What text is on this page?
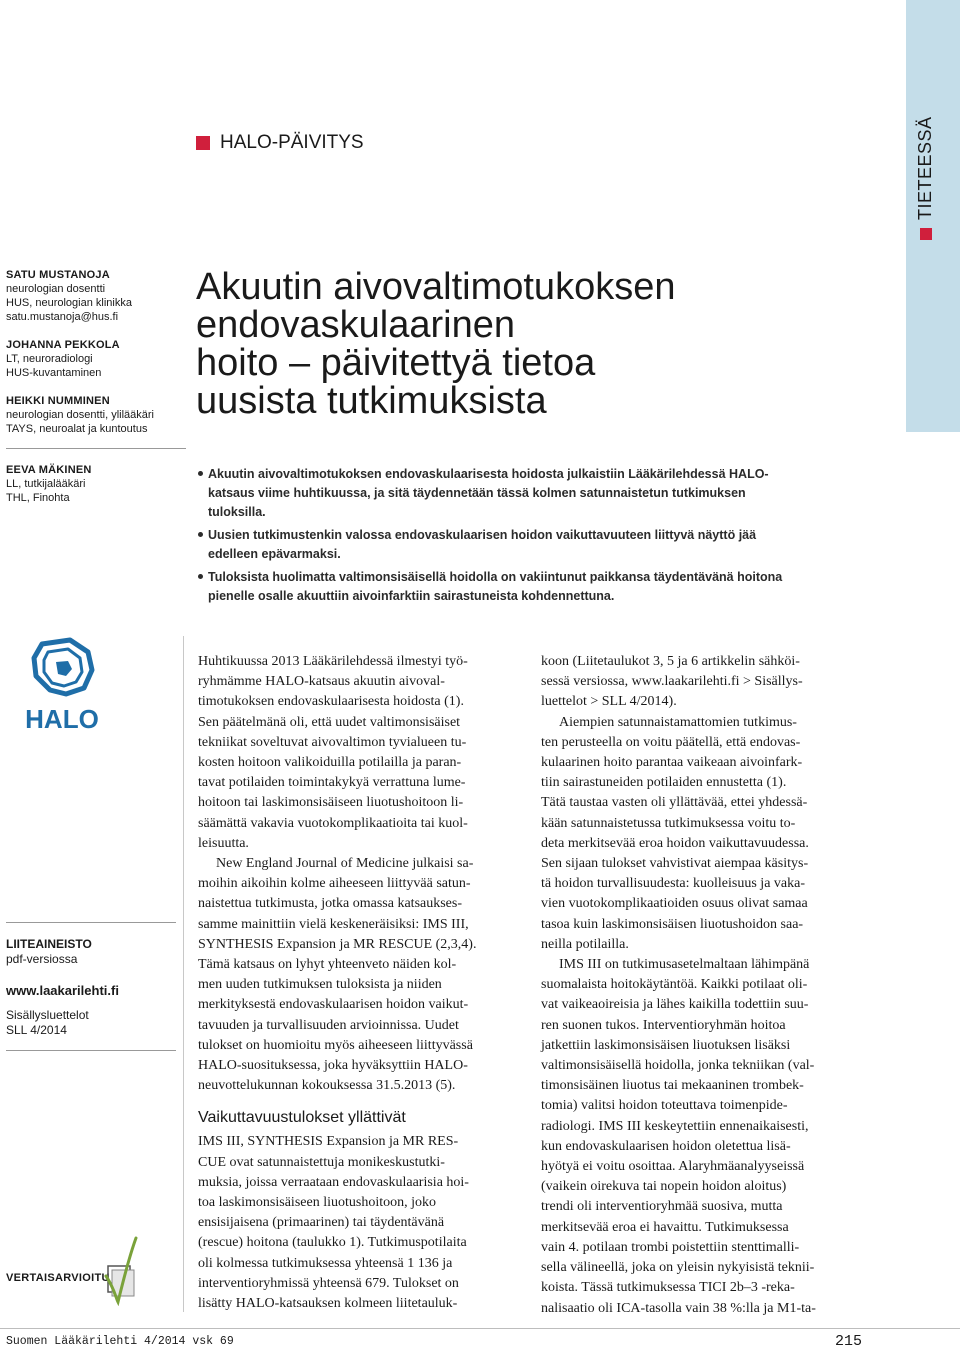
TIETEESSÄ
HALO-PÄIVITYS
SATU MUSTANOJA
neurologian dosentti
HUS, neurologian klinikka
satu.mustanoja@hus.fi
JOHANNA PEKKOLA
LT, neuroradiologi
HUS-kuvantaminen
HEIKKI NUMMINEN
neurologian dosentti, ylilääkäri
TAYS, neuroalat ja kuntoutus
EEVA MÄKINEN
LL, tutkijalääkäri
THL, Finohta
Akuutin aivovaltimotukoksen
endovaskulaarinen
hoito – päivitettyä tietoa
uusista tutkimuksista
Akuutin aivovaltimotukoksen endovaskulaarisesta hoidosta julkaistiin Lääkärilehdessä HALO-
katsaus viime huhtikuussa, ja sitä täydennetään tässä kolmen satunnaistetun tutkimuksen
tuloksilla.
Uusien tutkimustenkin valossa endovaskulaarisen hoidon vaikuttavuuteen liittyvä näyttö jää
edelleen epävarmaksi.
Tuloksista huolimatta valtimonsisäisellä hoidolla on vakiintunut paikkansa täydentävänä hoitona
pienelle osalle akuuttiin aivoinfarktiin sairastuneista kohdennettuna.
HALO
LIITEAINEISTO
pdf-versiossa
www.laakarilehti.fi
Sisällysluettelot
SLL 4/2014
VERTAISARVIOITU
Huhtikuussa 2013 Lääkärilehdessä ilmestyi työ-
ryhmämme HALO-katsaus akuutin aivoval-
timotukoksen endovaskulaarisesta hoidosta (1).
Sen päätelmänä oli, että uudet valtimonsisäiset
tekniikat soveltuvat aivovaltimon tyvialueen tu-
kosten hoitoon valikoiduilla potilailla ja paran-
tavat potilaiden toimintakykyä verrattuna lume-
hoitoon tai laskimonsisäiseen liuotushoitoon li-
säämättä vakavia vuotokomplikaatioita tai kuol-
leisuutta.
New England Journal of Medicine julkaisi sa-
moihin aikoihin kolme aiheeseen liittyvää satun-
naistettua tutkimusta, jotka omassa katsaukses-
samme mainittiin vielä keskeneräisiksi: IMS III,
SYNTHESIS Expansion ja MR RESCUE (2,3,4).
Tämä katsaus on lyhyt yhteenveto näiden kol-
men uuden tutkimuksen tuloksista ja niiden
merkityksestä endovaskulaarisen hoidon vaikut-
tavuuden ja turvallisuuden arvioinnissa. Uudet
tulokset on huomioitu myös aiheeseen liittyvässä
HALO-suosituksessa, joka hyväksyttiin HALO-
neuvottelukunnan kokouksessa 31.5.2013 (5).
Vaikuttavuustulokset yllättivät
IMS III, SYNTHESIS Expansion ja MR RES-
CUE ovat satunnaistettuja monikeskustutki-
muksia, joissa verraataan endovaskulaarisia hoi-
toa laskimonsisäiseen liuotushoitoon, joko
ensisijaisena (primaarinen) tai täydentävänä
(rescue) hoitona (taulukko 1). Tutkimuspotilaita
oli kolmessa tutkimuksessa yhteensä 1 136 ja
interventioryhmissä yhteensä 679. Tulokset on
lisätty HALO-katsauksen kolmeen liitetauluk-
koon (Liitetaulukot 3, 5 ja 6 artikkelin sähköi-
sessä versiossa, www.laakarilehti.fi > Sisällys-
luettelot > SLL 4/2014).
Aiempien satunnaistamattomien tutkimus-
ten perusteella on voitu päätellä, että endovas-
kulaarinen hoito parantaa vaikeaan aivoinfark-
tiin sairastuneiden potilaiden ennustetta (1).
Tätä taustaa vasten oli yllättävää, ettei yhdessä-
kään satunnaistetussa tutkimuksessa voitu to-
deta merkitsevää eroa hoidon vaikuttavuudessa.
Sen sijaan tulokset vahvistivat aiempaa käsitys-
tä hoidon turvallisuudesta: kuolleisuus ja vaka-
vien vuotokomplikaatioiden osuus olivat samaa
tasoa kuin laskimonsisäisen liuotushoidon saa-
neilla potilailla.
IMS III on tutkimusasetelmaltaan lähimpänä
suomalaista hoitokäytäntöä. Kaikki potilaat oli-
vat vaikeaoireisia ja lähes kaikilla todettiin suu-
ren suonen tukos. Interventioryhmän hoitoa
jatkettiin laskimonsisäisen liuotuksen lisäksi
valtimonsisäisellä hoidolla, jonka tekniikan (val-
timonsisäinen liuotus tai mekaaninen trombek-
tomia) valitsi hoidon toteuttava toimenpide-
radiologi. IMS III keskeytettiin ennenaikaisesti,
kun endovaskulaarisen hoidon oletettua lisä-
hyötyä ei voitu osoittaa. Alaryhmäanalyyseissä
(vaikein oirekuva tai nopein hoidon aloitus)
trendi oli interventioryhmää suosiva, mutta
merkitsevää eroa ei havaittu. Tutkimuksessa
vain 4. potilaan trombi poistettiin stenttimalli-
sella välineellä, joka on yleisin nykyisistä teknii-
koista. Tässä tutkimuksessa TICI 2b–3 -reka-
nalisaatio oli ICA-tasolla vain 38 %:lla ja M1-ta-
Suomen Lääkärilehti 4/2014 vsk 69	215
